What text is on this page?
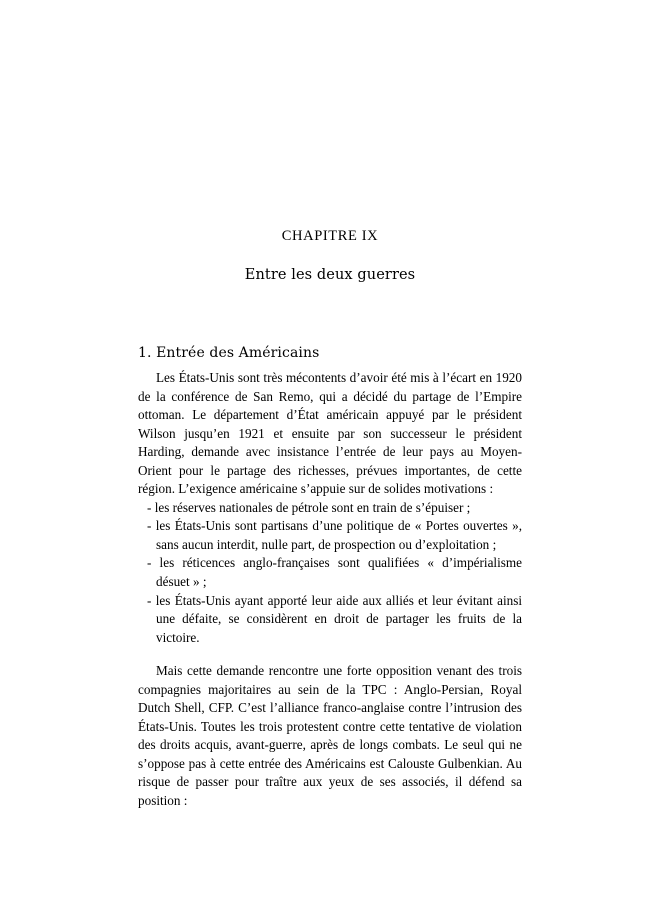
CHAPITRE IX
Entre les deux guerres
1. Entrée des Américains

Les États-Unis sont très mécontents d’avoir été mis à l’écart en 1920 de la conférence de San Remo, qui a décidé du partage de l’Empire ottoman. Le département d’État américain appuyé par le président Wilson jusqu’en 1921 et ensuite par son successeur le président Harding, demande avec insistance l’entrée de leur pays au Moyen-Orient pour le partage des richesses, prévues importantes, de cette région. L’exigence américaine s’appuie sur de solides motivations :

- les réserves nationales de pétrole sont en train de s’épuiser ;
- les États-Unis sont partisans d’une politique de « Portes ouvertes », sans aucun interdit, nulle part, de prospection ou d’exploitation ;
- les réticences anglo-françaises sont qualifiées « d’impérialisme désuet » ;
- les États-Unis ayant apporté leur aide aux alliés et leur évitant ainsi une défaite, se considèrent en droit de partager les fruits de la victoire.

Mais cette demande rencontre une forte opposition venant des trois compagnies majoritaires au sein de la TPC : Anglo-Persian, Royal Dutch Shell, CFP. C’est l’alliance franco-anglaise contre l’intrusion des États-Unis. Toutes les trois protestent contre cette tentative de violation des droits acquis, avant-guerre, après de longs combats. Le seul qui ne s’oppose pas à cette entrée des Américains est Calouste Gulbenkian. Au risque de passer pour traître aux yeux de ses associés, il défend sa position :
